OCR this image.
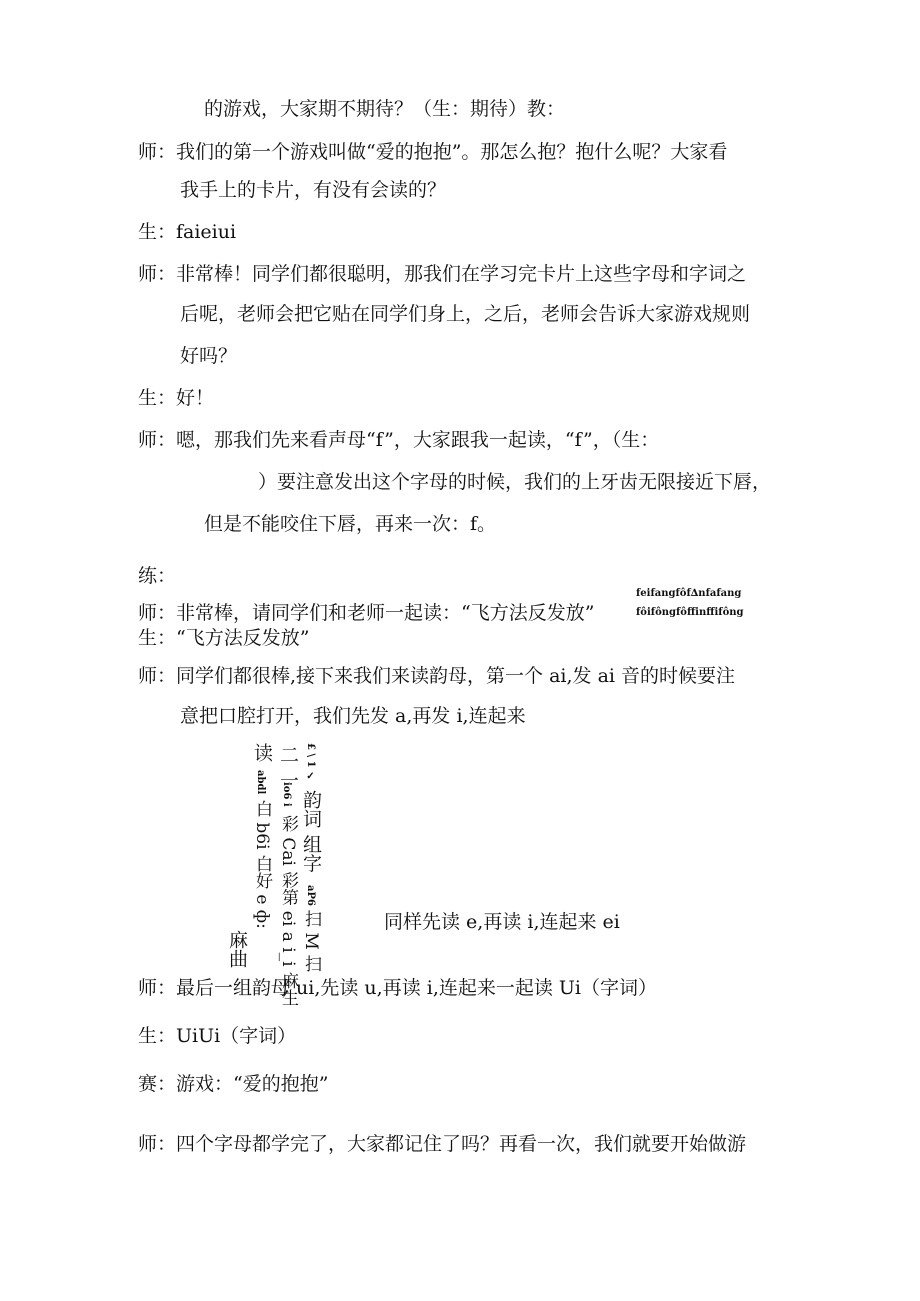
的游戏，大家期不期待？（生：期待）教：

师：我们的第一个游戏叫做“爱的抱抱”。那怎么抱？抱什么呢？大家看

我手上的卡片，有没有会读的？

生：faieiui

师：非常棒！同学们都很聪明，那我们在学习完卡片上这些字母和字词之

后呢，老师会把它贴在同学们身上，之后，老师会告诉大家游戏规则

好吗？

生：好！

师：嗯，那我们先来看声母“f”，大家跟我一起读，“f”，（生：

）要注意发出这个字母的时候，我们的上牙齿无限接近下唇，

但是不能咬住下唇，再来一次：f。

练：

师：非常棒，请同学们和老师一起读：“飞方法反发放”

feifangfôf∆nfafang
fôifôngfôffinffifông

生：“飞方法反发放”

师：同学们都很棒,接下来我们来读韵母，第一个 ai,发 ai 音的时候要注

意把口腔打开，我们先发 a,再发 i,连起来

读
abdl
白 b6i 白好 e ф:
麻曲
二 一
io6 i
彩 Cai 彩第 ei a i_i 麻生
£ \ 1 ✓
韵词 组字
aP6
扫 M 扫	同样先读 e,再读 i,连起来 ei

师：最后一组韵母 ui,先读 u,再读 i,连起来一起读 Ui（字词）

生：UiUi（字词）

赛：游戏：“爱的抱抱”

师：四个字母都学完了，大家都记住了吗？再看一次，我们就要开始做游
